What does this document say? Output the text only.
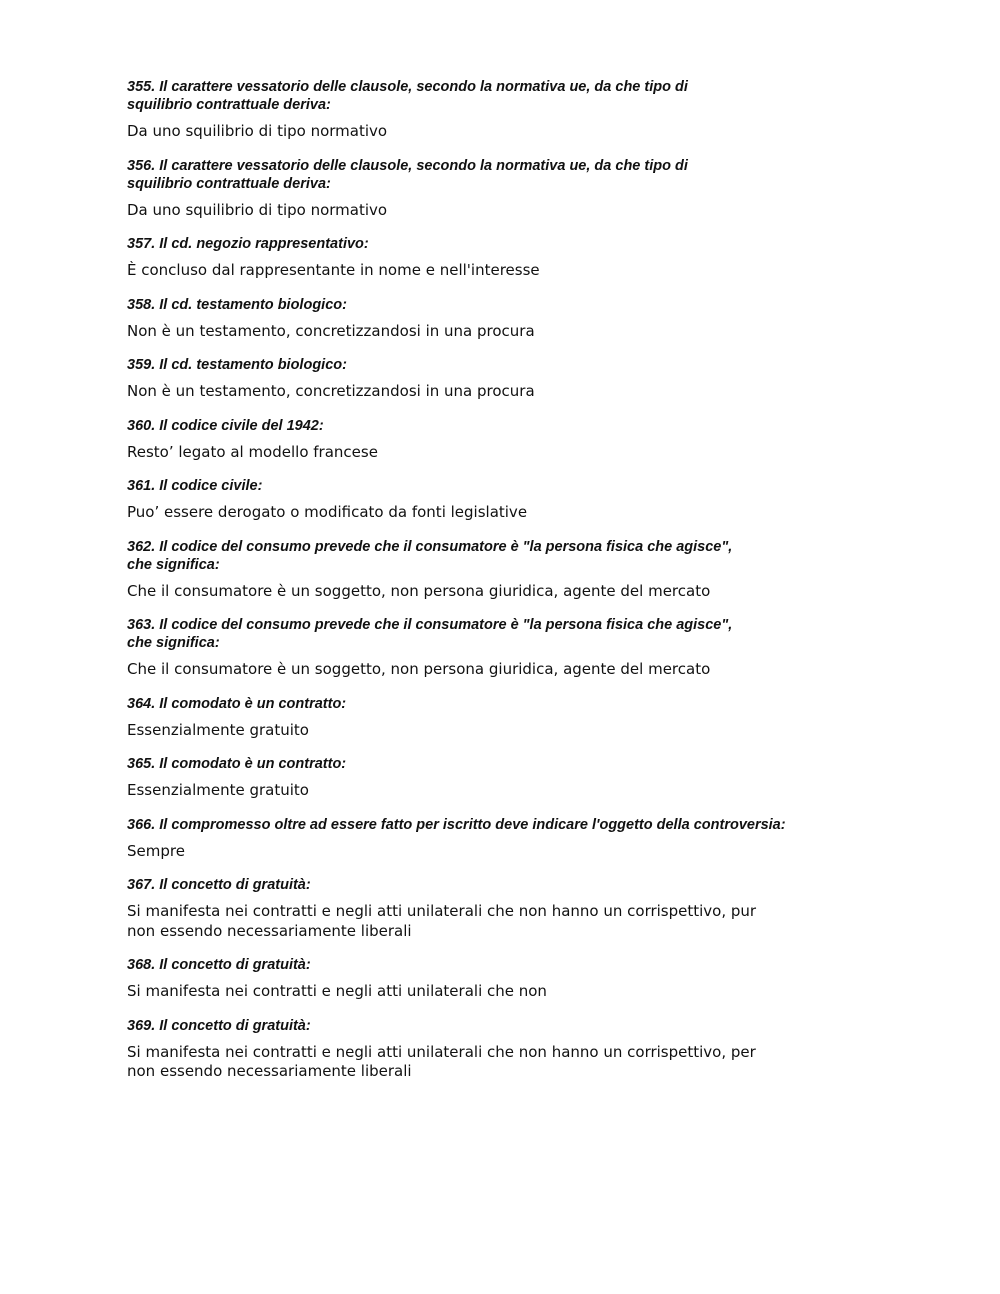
355. Il carattere vessatorio delle clausole, secondo la normativa ue, da che tipo di
squilibrio contrattuale deriva:
Da uno squilibrio di tipo normativo
356. Il carattere vessatorio delle clausole, secondo la normativa ue, da che tipo di
squilibrio contrattuale deriva:
Da uno squilibrio di tipo normativo
357. Il cd. negozio rappresentativo:
È concluso dal rappresentante in nome e nell'interesse
358. Il cd. testamento biologico:
Non è un testamento, concretizzandosi in una procura
359. Il cd. testamento biologico:
Non è un testamento, concretizzandosi in una procura
360. Il codice civile del 1942:
Resto’ legato al modello francese
361. Il codice civile:
Puo’ essere derogato o modificato da fonti legislative
362. Il codice del consumo prevede che il consumatore è "la persona fisica che agisce",
che significa:
Che il consumatore è un soggetto, non persona giuridica, agente del mercato
363. Il codice del consumo prevede che il consumatore è "la persona fisica che agisce",
che significa:
Che il consumatore è un soggetto, non persona giuridica, agente del mercato
364. Il comodato è un contratto:
Essenzialmente gratuito
365. Il comodato è un contratto:
Essenzialmente gratuito
366. Il compromesso oltre ad essere fatto per iscritto deve indicare l'oggetto della controversia:
Sempre
367. Il concetto di gratuità:
Si manifesta nei contratti e negli atti unilaterali che non hanno un corrispettivo, pur
non essendo necessariamente liberali
368. Il concetto di gratuità:
Si manifesta nei contratti e negli atti unilaterali che non
369. Il concetto di gratuità:
Si manifesta nei contratti e negli atti unilaterali che non hanno un corrispettivo, per
non essendo necessariamente liberali
